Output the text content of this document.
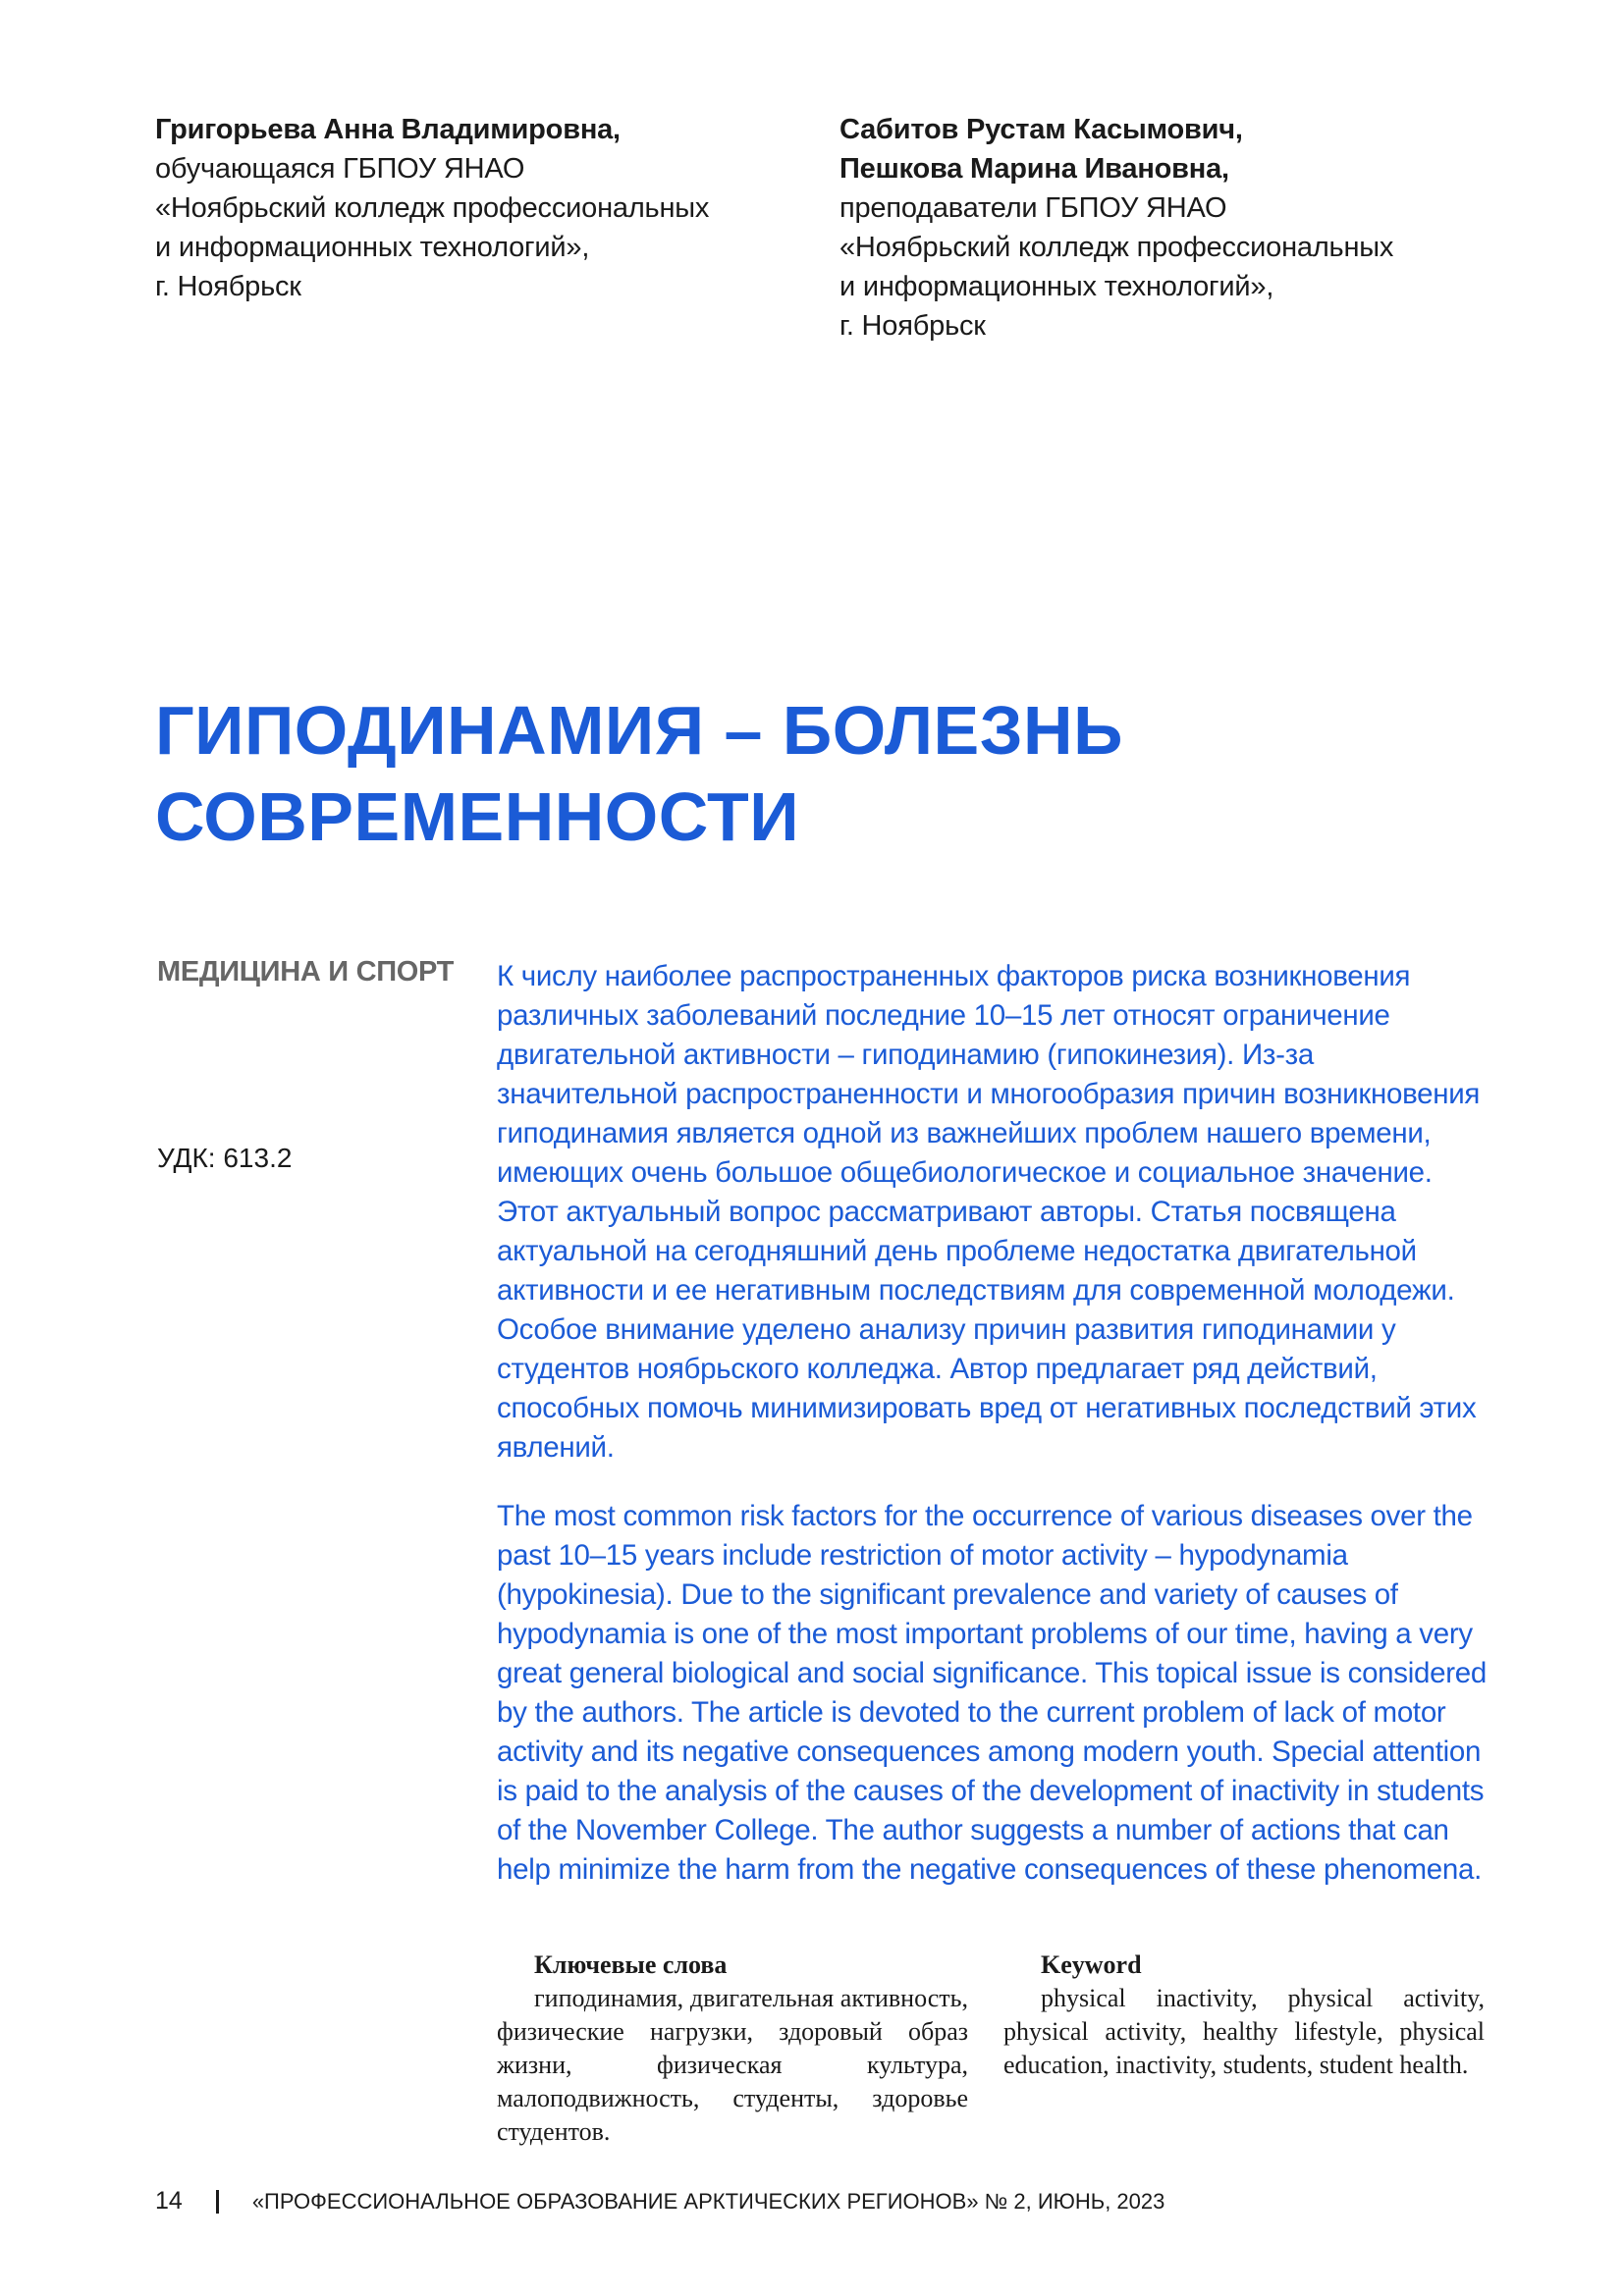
Григорьева Анна Владимировна,
обучающаяся ГБПОУ ЯНАО
«Ноябрьский колледж профессиональных
и информационных технологий»,
г. Ноябрьск
Сабитов Рустам Касымович,
Пешкова Марина Ивановна,
преподаватели ГБПОУ ЯНАО
«Ноябрьский колледж профессиональных
и информационных технологий»,
г. Ноябрьск
ГИПОДИНАМИЯ – БОЛЕЗНЬ
СОВРЕМЕННОСТИ
МЕДИЦИНА И СПОРТ
УДК: 613.2

К числу наиболее распространенных факторов риска возникновения различных заболеваний последние 10–15 лет относят ограничение двигательной активности – гиподинамию (гипокинезия). Из-за значительной распространенности и многообразия причин возникновения гиподинамия является одной из важнейших проблем нашего времени, имеющих очень большое общебиологическое и социальное значение. Этот актуальный вопрос рассматривают авторы. Статья посвящена актуальной на сегодняшний день проблеме недостатка двигательной активности и ее негативным последствиям для современной молодежи. Особое внимание уделено анализу причин развития гиподинамии у студентов ноябрьского колледжа. Автор предлагает ряд действий, способных помочь минимизировать вред от негативных последствий этих явлений.

The most common risk factors for the occurrence of various diseases over the past 10–15 years include restriction of motor activity – hypodynamia (hypokinesia). Due to the significant prevalence and variety of causes of hypodynamia is one of the most important problems of our time, having a very great general biological and social significance. This topical issue is considered by the authors. The article is devoted to the current problem of lack of motor activity and its negative consequences among modern youth. Special attention is paid to the analysis of the causes of the development of inactivity in students of the November College. The author suggests a number of actions that can help minimize the harm from the negative consequences of these phenomena.

Ключевые слова
гиподинамия, двигательная активность, физические нагрузки, здоровый образ жизни, физическая культура, малоподвижность, студенты, здоровье студентов.
Keyword
physical inactivity, physical activity, physical activity, healthy lifestyle, physical education, inactivity, students, student health.
14	«ПРОФЕССИОНАЛЬНОЕ ОБРАЗОВАНИЕ АРКТИЧЕСКИХ РЕГИОНОВ» № 2, ИЮНЬ, 2023
